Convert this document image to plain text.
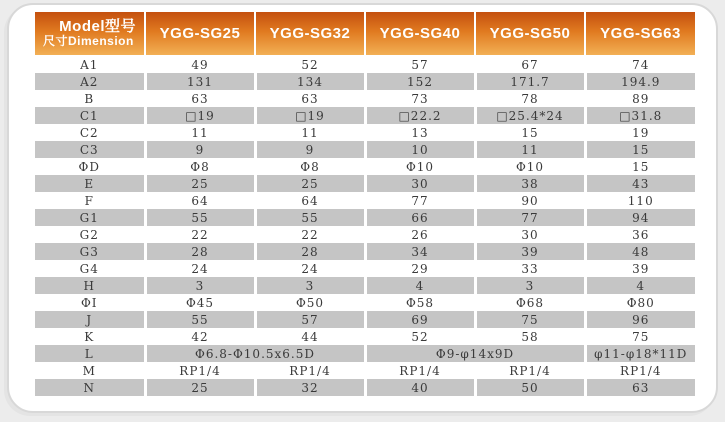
Model型号
尺寸Dimension	YGG-SG25	YGG-SG32	YGG-SG40	YGG-SG50	YGG-SG63
A1	49	52	57	67	74
A2	131	134	152	171.7	194.9
B	63	63	73	78	89
C1	□19	□19	□22.2	□25.4*24	□31.8
C2	11	11	13	15	19
C3	9	9	10	11	15
ΦD	Φ8	Φ8	Φ10	Φ10	15
E	25	25	30	38	43
F	64	64	77	90	110
G1	55	55	66	77	94
G2	22	22	26	30	36
G3	28	28	34	39	48
G4	24	24	29	33	39
H	3	3	4	3	4
ΦI	Φ45	Φ50	Φ58	Φ68	Φ80
J	55	57	69	75	96
K	42	44	52	58	75
L	Φ6.8-Φ10.5x6.5D		Φ9-φ14x9D		φ11-φ18*11D
M	RP1/4	RP1/4	RP1/4	RP1/4	RP1/4
N	25	32	40	50	63
